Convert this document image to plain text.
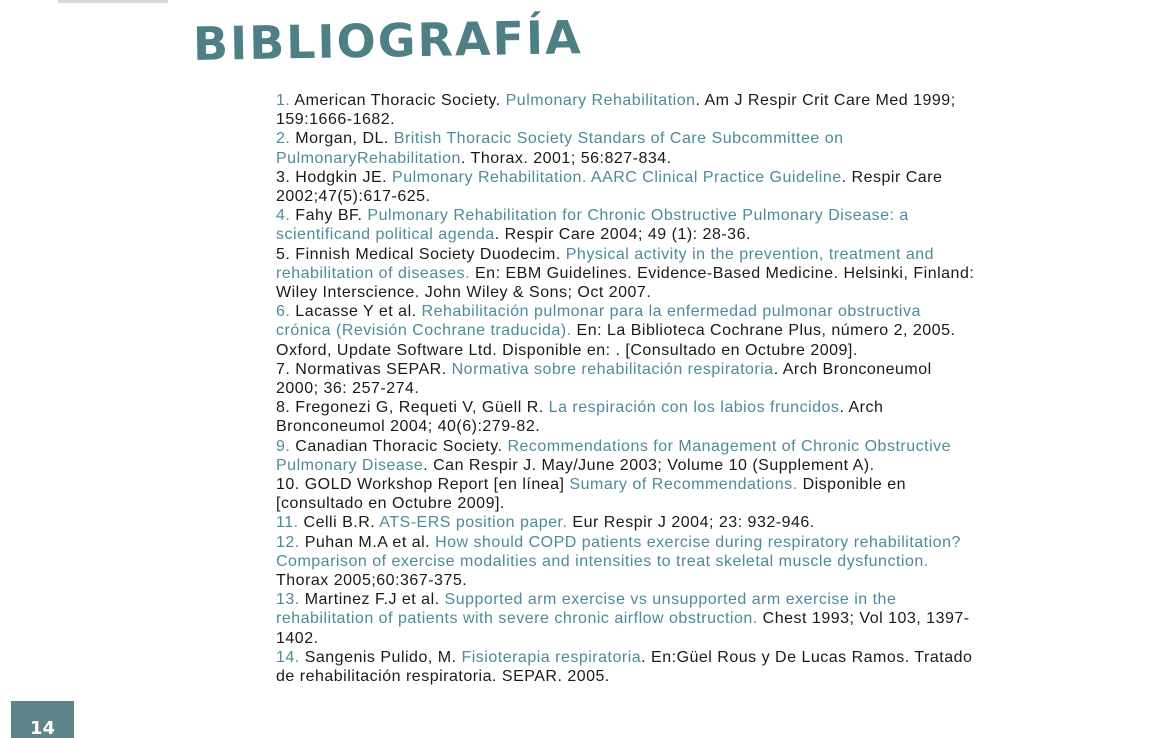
BIBLIOGRAFÍA
1. American Thoracic Society. Pulmonary Rehabilitation. Am J Respir Crit Care Med 1999; 159:1666-1682.
2. Morgan, DL. British Thoracic Society Standars of Care Subcommittee on PulmonaryRehabilitation. Thorax. 2001; 56:827-834.
3. Hodgkin JE. Pulmonary Rehabilitation. AARC Clinical Practice Guideline. Respir Care 2002;47(5):617-625.
4. Fahy BF. Pulmonary Rehabilitation for Chronic Obstructive Pulmonary Disease: a scientificand political agenda. Respir Care 2004; 49 (1): 28-36.
5. Finnish Medical Society Duodecim. Physical activity in the prevention, treatment and rehabilitation of diseases. En: EBM Guidelines. Evidence-Based Medicine. Helsinki, Finland: Wiley Interscience. John Wiley & Sons; Oct 2007.
6. Lacasse Y et al. Rehabilitación pulmonar para la enfermedad pulmonar obstructiva crónica (Revisión Cochrane traducida). En: La Biblioteca Cochrane Plus, número 2, 2005. Oxford, Update Software Ltd. Disponible en: . [Consultado en Octubre 2009].
7. Normativas SEPAR. Normativa sobre rehabilitación respiratoria. Arch Bronconeumol 2000; 36: 257-274.
8. Fregonezi G, Requeti V, Güell R. La respiración con los labios fruncidos. Arch Bronconeumol 2004; 40(6):279-82.
9. Canadian Thoracic Society. Recommendations for Management of Chronic Obstructive Pulmonary Disease. Can Respir J. May/June 2003; Volume 10 (Supplement A).
10. GOLD Workshop Report [en línea] Sumary of Recommendations. Disponible en [consultado en Octubre 2009].
11. Celli B.R. ATS-ERS position paper. Eur Respir J 2004; 23: 932-946.
12. Puhan M.A et al. How should COPD patients exercise during respiratory rehabilitation?Comparison of exercise modalities and intensities to treat skeletal muscle dysfunction. Thorax 2005;60:367-375.
13. Martinez F.J et al. Supported arm exercise vs unsupported arm exercise in the rehabilitation of patients with severe chronic airflow obstruction. Chest 1993; Vol 103, 1397-1402.
14. Sangenis Pulido, M. Fisioterapia respiratoria. En:Güel Rous y De Lucas Ramos. Tratado de rehabilitación respiratoria. SEPAR. 2005.
14
